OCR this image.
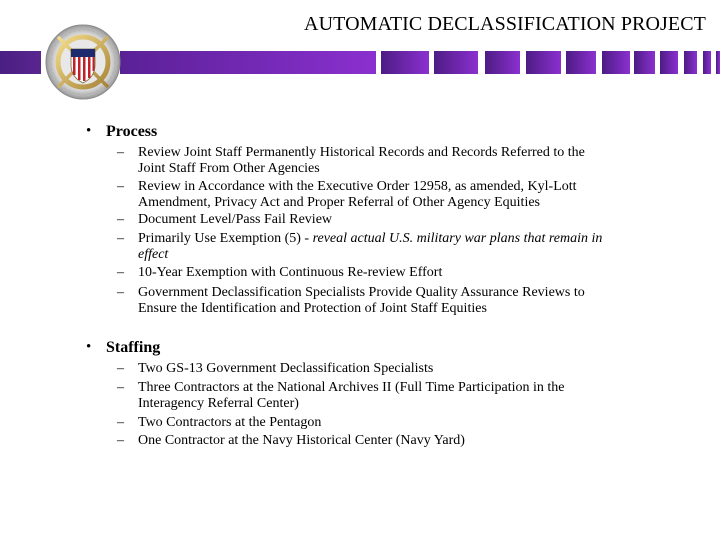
AUTOMATIC DECLASSIFICATION PROJECT
• Process
– Review Joint Staff Permanently Historical Records and Records Referred to the
Joint Staff From Other Agencies
– Review in Accordance with the Executive Order 12958, as amended, Kyl-Lott
Amendment, Privacy Act and Proper Referral of Other Agency Equities
– Document Level/Pass Fail Review
– Primarily Use Exemption (5) - reveal actual U.S. military war plans that remain in
effect
– 10-Year Exemption with Continuous Re-review Effort
– Government Declassification Specialists Provide Quality Assurance Reviews to
Ensure the Identification and Protection of Joint Staff Equities
• Staffing
– Two GS-13 Government Declassification Specialists
– Three Contractors at the National Archives II (Full Time Participation in the
Interagency Referral Center)
– Two Contractors at the Pentagon
– One Contractor at the Navy Historical Center (Navy Yard)
